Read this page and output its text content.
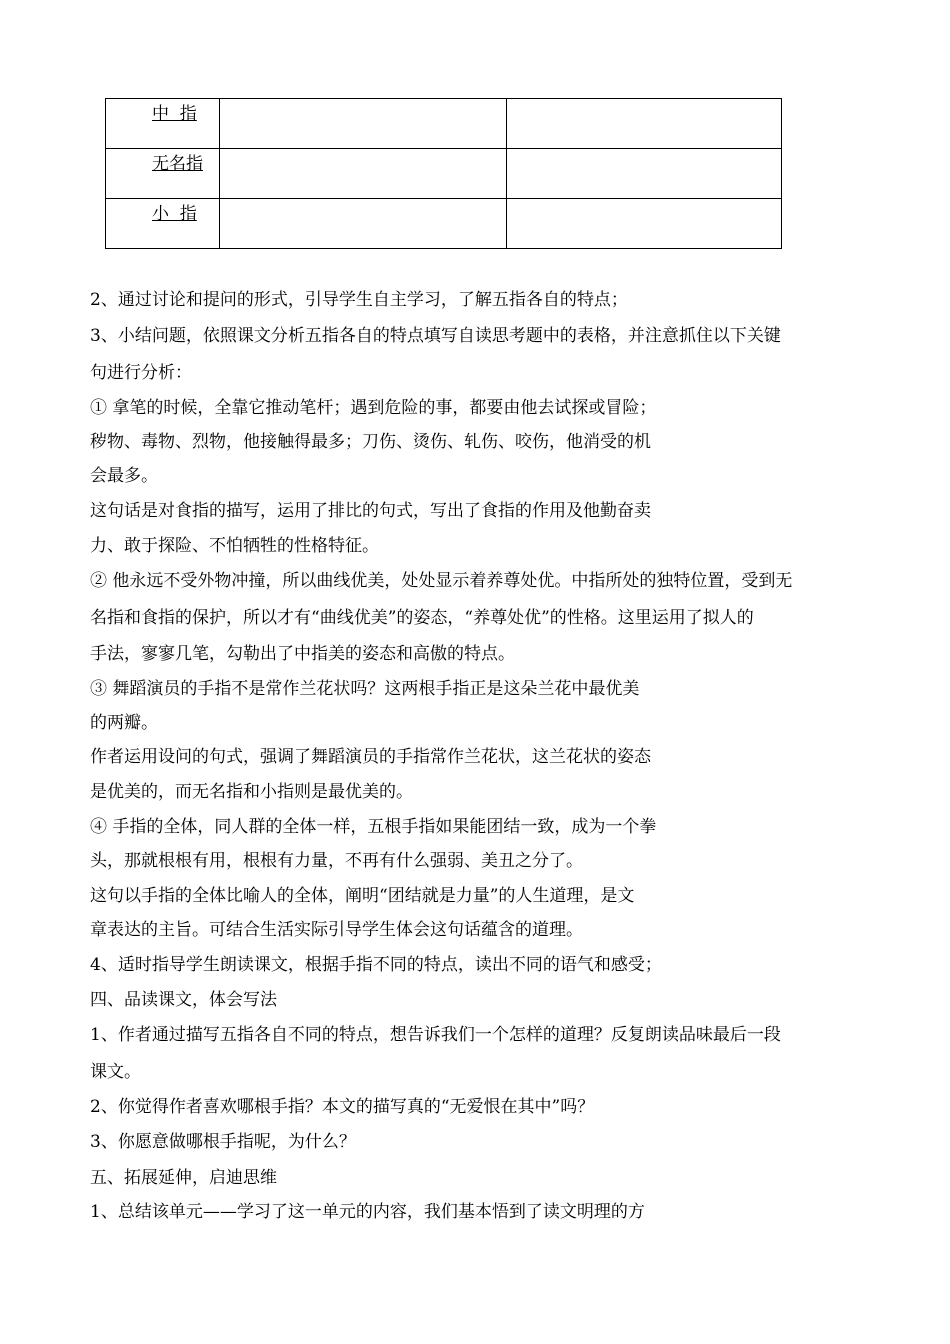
中  指		
无名指		
小  指		
2、通过讨论和提问的形式，引导学生自主学习，了解五指各自的特点；
3、小结问题，依照课文分析五指各自的特点填写自读思考题中的表格，并注意抓住以下关键
句进行分析：
① 拿笔的时候，全靠它推动笔杆；遇到危险的事，都要由他去试探或冒险；
秽物、毒物、烈物，他接触得最多；刀伤、烫伤、轧伤、咬伤，他消受的机
会最多。
这句话是对食指的描写，运用了排比的句式，写出了食指的作用及他勤奋卖
力、敢于探险、不怕牺牲的性格特征。
② 他永远不受外物冲撞，所以曲线优美，处处显示着养尊处优。中指所处的独特位置，受到无
名指和食指的保护，所以才有“曲线优美”的姿态，“养尊处优”的性格。这里运用了拟人的
手法，寥寥几笔，勾勒出了中指美的姿态和高傲的特点。
③ 舞蹈演员的手指不是常作兰花状吗？这两根手指正是这朵兰花中最优美
的两瓣。
作者运用设问的句式，强调了舞蹈演员的手指常作兰花状，这兰花状的姿态
是优美的，而无名指和小指则是最优美的。
④ 手指的全体，同人群的全体一样，五根手指如果能团结一致，成为一个拳
头，那就根根有用，根根有力量，不再有什么强弱、美丑之分了。
这句以手指的全体比喻人的全体，阐明“团结就是力量”的人生道理，是文
章表达的主旨。可结合生活实际引导学生体会这句话蕴含的道理。
4、适时指导学生朗读课文，根据手指不同的特点，读出不同的语气和感受；
四、品读课文，体会写法
1、作者通过描写五指各自不同的特点，想告诉我们一个怎样的道理？反复朗读品味最后一段
课文。
2、你觉得作者喜欢哪根手指？本文的描写真的“无爱恨在其中”吗？
3、你愿意做哪根手指呢，为什么？
五、拓展延伸，启迪思维
1、总结该单元——学习了这一单元的内容，我们基本悟到了读文明理的方
